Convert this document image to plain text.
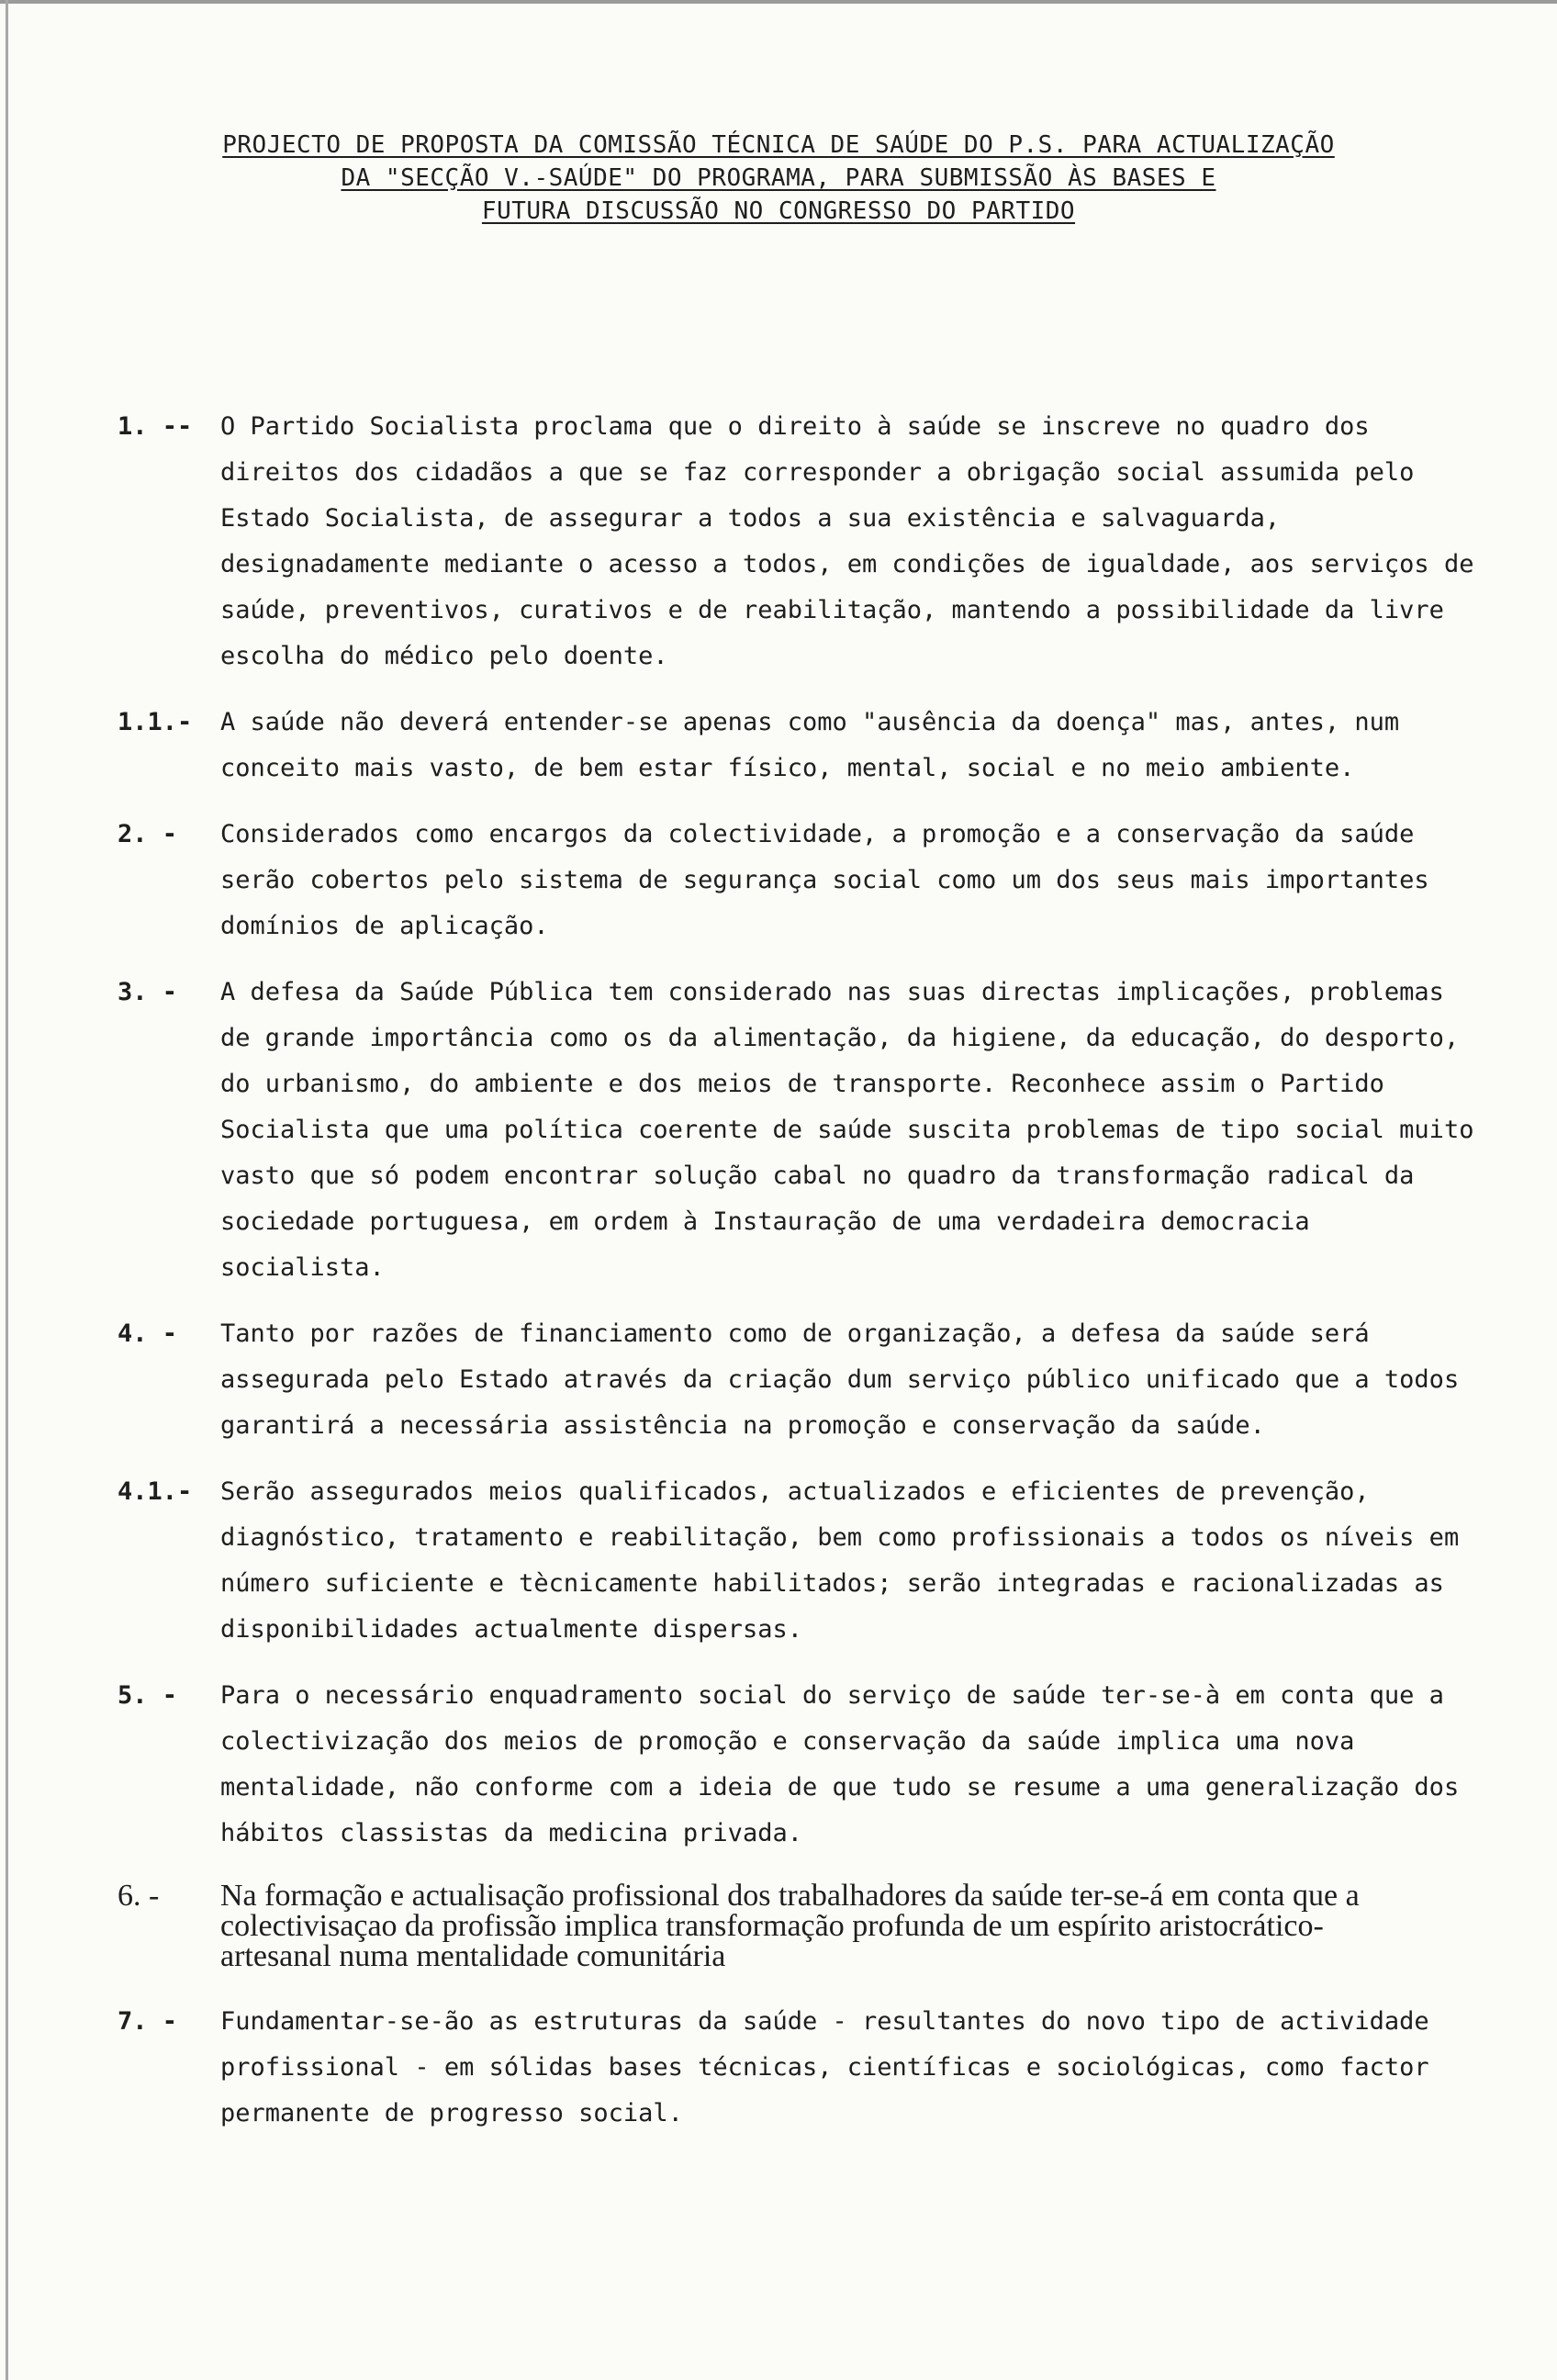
PROJECTO DE PROPOSTA DA COMISSÃO TÉCNICA DE SAÚDE DO P.S. PARA ACTUALIZAÇÃO
DA "SECÇÃO V.-SAÚDE" DO PROGRAMA, PARA SUBMISSÃO ÀS BASES E
FUTURA DISCUSSÃO NO CONGRESSO DO PARTIDO
1. --	O Partido Socialista proclama que o direito à saúde se inscreve no quadro dos direitos dos cidadãos a que se faz corresponder a obrigação social assumida pelo Estado Socialista, de assegurar a todos a sua existência e salvaguarda, designadamente mediante o acesso a todos, em condições de igualdade, aos serviços de saúde, preventivos, curativos e de reabilitação, mantendo a possibilidade da livre escolha do médico pelo doente.
1.1.-	A saúde não deverá entender-se apenas como "ausência da doença" mas, antes, num conceito mais vasto, de bem estar físico, mental, social e no meio ambiente.
2. -	Considerados como encargos da colectividade, a promoção e a conservação da saúde serão cobertos pelo sistema de segurança social como um dos seus mais importantes domínios de aplicação.
3. -	A defesa da Saúde Pública tem considerado nas suas directas implicações, problemas de grande importância como os da alimentação, da higiene, da educação, do desporto, do urbanismo, do ambiente e dos meios de transporte. Reconhece assim o Partido Socialista que uma política coerente de saúde suscita problemas de tipo social muito vasto que só podem encontrar solução cabal no quadro da transformação radical da sociedade portuguesa, em ordem à Instauração de uma verdadeira democracia socialista.
4. -	Tanto por razões de financiamento como de organização, a defesa da saúde será assegurada pelo Estado através da criação dum serviço público unificado que a todos garantirá a necessária assistência na promoção e conservação da saúde.
4.1.-	Serão assegurados meios qualificados, actualizados e eficientes de prevenção, diagnóstico, tratamento e reabilitação, bem como profissionais a todos os níveis em número suficiente e tècnicamente habilitados; serão integradas e racionalizadas as disponibilidades actualmente dispersas.
5. -	Para o necessário enquadramento social do serviço de saúde ter-se-à em conta que a colectivização dos meios de promoção e conservação da saúde implica uma nova mentalidade, não conforme com a ideia de que tudo se resume a uma generalização dos hábitos classistas da medicina privada.
6. -	Na formação e actualisação profissional dos trabalhadores da saúde ter-se-á em conta que a colectivisaçao da profissão implica transformação profunda de um espírito aristocrático-artesanal numa mentalidade comunitária
7. -	Fundamentar-se-ão as estruturas da saúde - resultantes do novo tipo de actividade profissional - em sólidas bases técnicas, científicas e sociológicas, como factor permanente de progresso social.
